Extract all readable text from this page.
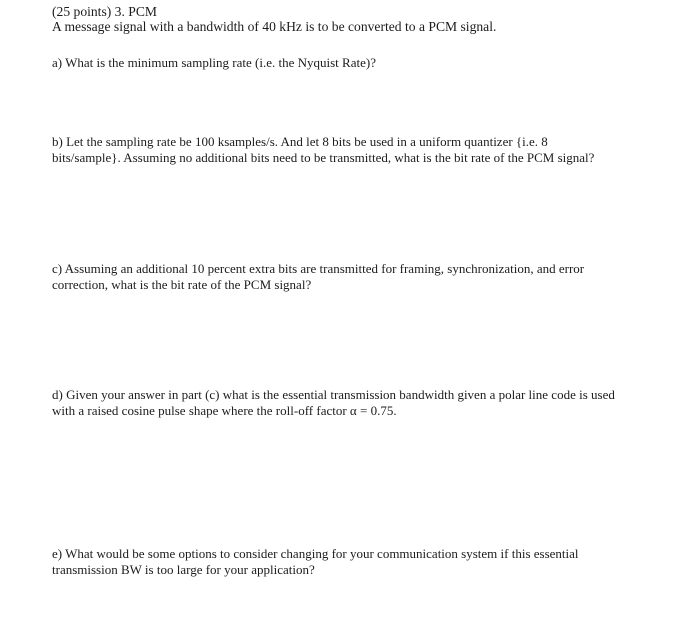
(25 points) 3. PCM
A message signal with a bandwidth of 40 kHz is to be converted to a PCM signal.
a) What is the minimum sampling rate (i.e. the Nyquist Rate)?
b) Let the sampling rate be 100 ksamples/s. And let 8 bits be used in a uniform quantizer {i.e. 8
bits/sample}. Assuming no additional bits need to be transmitted, what is the bit rate of the PCM signal?
c) Assuming an additional 10 percent extra bits are transmitted for framing, synchronization, and error
correction, what is the bit rate of the PCM signal?
d) Given your answer in part (c) what is the essential transmission bandwidth given a polar line code is used
with a raised cosine pulse shape where the roll-off factor α = 0.75.
e) What would be some options to consider changing for your communication system if this essential
transmission BW is too large for your application?
